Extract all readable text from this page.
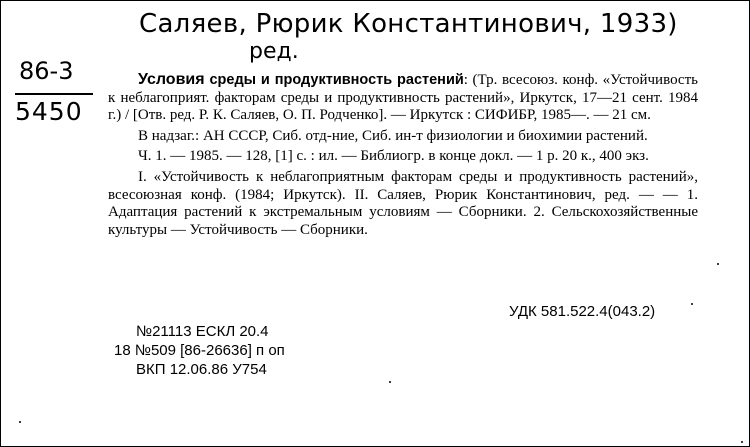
Саляев, Рюрик Константинович, 1933)
ред.
86-3
5450

Условия среды и продуктивность растений: (Тр. всесоюз. конф. «Устойчивость к неблагоприят. факторам среды и продуктивность растений», Иркутск, 17—21 сент. 1984 г.) / [Отв. ред. Р. К. Саляев, О. П. Родченко]. — Иркутск : СИФИБР, 1985—. — 21 см.

В надзаг.: АН СССР, Сиб. отд-ние, Сиб. ин-т физиологии и биохимии растений.

Ч. 1. — 1985. — 128, [1] с. : ил. — Библиогр. в конце докл. — 1 р. 20 к., 400 экз.

I. «Устойчивость к неблагоприятным факторам среды и продуктивность растений», всесоюзная конф. (1984; Иркутск). II. Саляев, Рюрик Константинович, ред. — — 1. Адаптация растений к экстремальным условиям — Сборники. 2. Сельскохозяйственные культуры — Устойчивость — Сборники.

УДК 581.522.4(043.2)
№21113 ЕСКЛ 20.4
18 №509 [86-26636] п оп
ВКП 12.06.86 У754
